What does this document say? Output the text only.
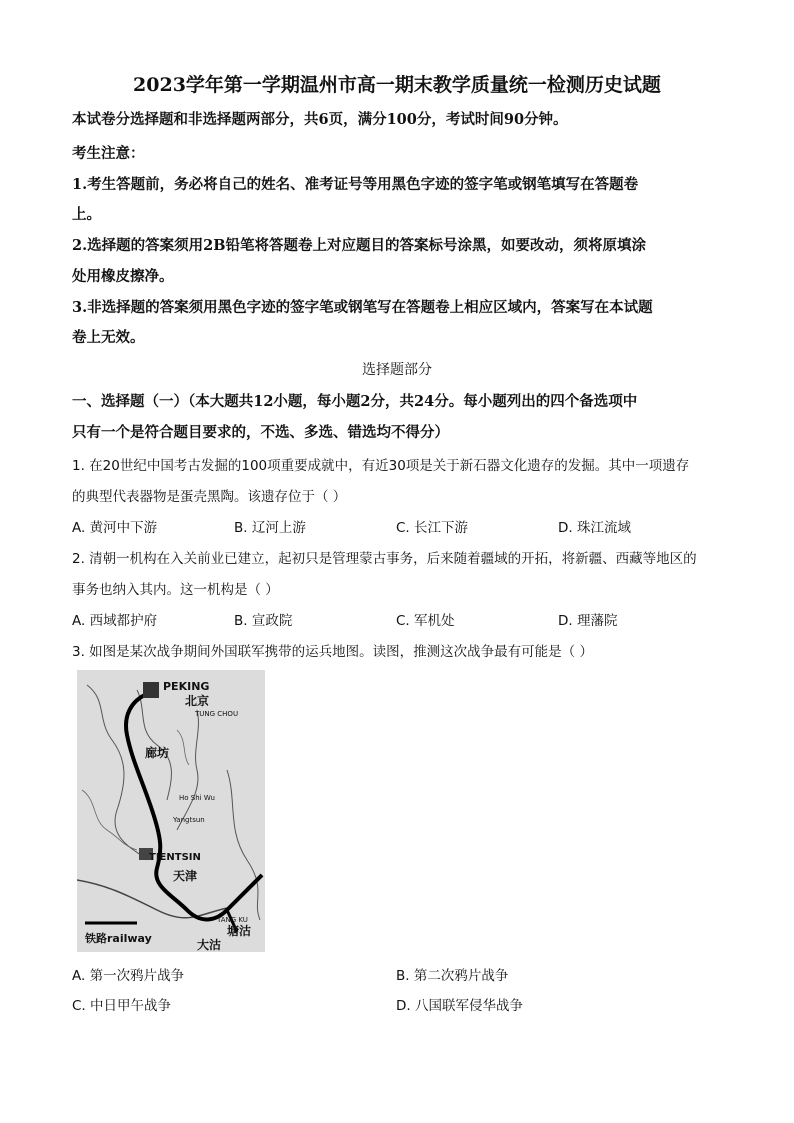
2023学年第一学期温州市高一期末教学质量统一检测历史试题
本试卷分选择题和非选择题两部分，共6页，满分100分，考试时间90分钟。
考生注意：
1.考生答题前，务必将自己的姓名、准考证号等用黑色字迹的签字笔或钢笔填写在答题卷
上。
2.选择题的答案须用2B铅笔将答题卷上对应题目的答案标号涂黑，如要改动，须将原填涂
处用橡皮擦净。
3.非选择题的答案须用黑色字迹的签字笔或钢笔写在答题卷上相应区域内，答案写在本试题
卷上无效。
选择题部分
一、选择题（一）（本大题共12小题，每小题2分，共24分。每小题列出的四个备选项中
只有一个是符合题目要求的，不选、多选、错选均不得分）
1. 在20世纪中国考古发掘的100项重要成就中，有近30项是关于新石器文化遗存的发掘。其中一项遗存
的典型代表器物是蛋壳黑陶。该遗存位于（ ）
A. 黄河中下游	B. 辽河上游	C. 长江下游	D. 珠江流域
2. 清朝一机构在入关前业已建立，起初只是管理蒙古事务，后来随着疆域的开拓，将新疆、西藏等地区的
事务也纳入其内。这一机构是（ ）
A. 西域都护府	B. 宣政院	C. 军机处	D. 理藩院
3. 如图是某次战争期间外国联军携带的运兵地图。读图，推测这次战争最有可能是（ ）
PEKING
北京
TUNG CHOU
廊坊
Ho Shi Wu
Yangtsun
TIENTSIN
天津
TANG KU
塘沽
大沽
铁路railway
A. 第一次鸦片战争	B. 第二次鸦片战争
C. 中日甲午战争	D. 八国联军侵华战争
